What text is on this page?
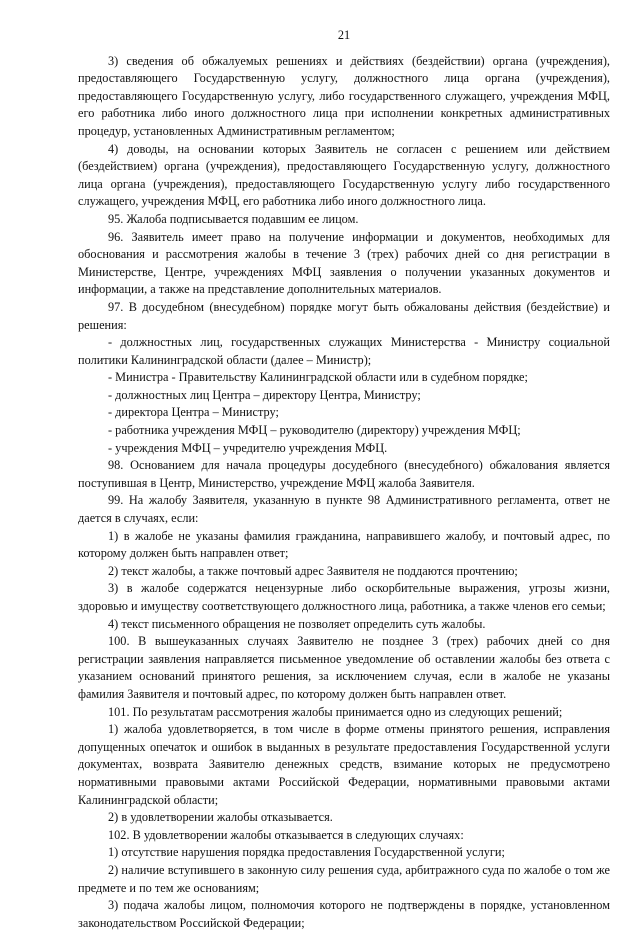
21

3) сведения об обжалуемых решениях и действиях (бездействии) органа (учреждения), предоставляющего Государственную услугу, должностного лица органа (учреждения), предоставляющего Государственную услугу, либо государственного служащего, учреждения МФЦ, его работника либо иного должностного лица при исполнении конкретных административных процедур, установленных Административным регламентом;

4) доводы, на основании которых Заявитель не согласен с решением или действием (бездействием) органа (учреждения), предоставляющего Государственную услугу, должностного лица органа (учреждения), предоставляющего Государственную услугу либо государственного служащего, учреждения МФЦ, его работника либо иного должностного лица.

95. Жалоба подписывается подавшим ее лицом.

96. Заявитель имеет право на получение информации и документов, необходимых для обоснования и рассмотрения жалобы в течение 3 (трех) рабочих дней со дня регистрации в Министерстве, Центре, учреждениях МФЦ заявления о получении указанных документов и информации, а также на представление дополнительных материалов.

97. В досудебном (внесудебном) порядке могут быть обжалованы действия (бездействие) и решения:

- должностных лиц, государственных служащих Министерства - Министру социальной политики Калининградской области (далее – Министр);

- Министра - Правительству Калининградской области или в судебном порядке;

- должностных лиц Центра – директору Центра, Министру;

- директора Центра – Министру;

- работника учреждения МФЦ – руководителю (директору) учреждения МФЦ;

- учреждения МФЦ – учредителю учреждения МФЦ.

98. Основанием для начала процедуры досудебного (внесудебного) обжалования является поступившая в Центр, Министерство, учреждение МФЦ жалоба Заявителя.

99. На жалобу Заявителя, указанную в пункте 98 Административного регламента, ответ не дается в случаях, если:

1) в жалобе не указаны фамилия гражданина, направившего жалобу, и почтовый адрес, по которому должен быть направлен ответ;

2) текст жалобы, а также почтовый адрес Заявителя не поддаются прочтению;

3) в жалобе содержатся нецензурные либо оскорбительные выражения, угрозы жизни, здоровью и имуществу соответствующего должностного лица, работника, а также членов его семьи;

4) текст письменного обращения не позволяет определить суть жалобы.

100. В вышеуказанных случаях Заявителю не позднее 3 (трех) рабочих дней со дня регистрации заявления направляется письменное уведомление об оставлении жалобы без ответа с указанием оснований принятого решения, за исключением случая, если в жалобе не указаны фамилия Заявителя и почтовый адрес, по которому должен быть направлен ответ.

101. По результатам рассмотрения жалобы принимается одно из следующих решений;

1) жалоба удовлетворяется, в том числе в форме отмены принятого решения, исправления допущенных опечаток и ошибок в выданных в результате предоставления Государственной услуги документах, возврата Заявителю денежных средств, взимание которых не предусмотрено нормативными правовыми актами Российской Федерации, нормативными правовыми актами Калининградской области;

2) в удовлетворении жалобы отказывается.

102. В удовлетворении жалобы отказывается в следующих случаях:

1) отсутствие нарушения порядка предоставления Государственной услуги;

2) наличие вступившего в законную силу решения суда, арбитражного суда по жалобе о том же предмете и по тем же основаниям;

3) подача жалобы лицом, полномочия которого не подтверждены в порядке, установленном законодательством Российской Федерации;
